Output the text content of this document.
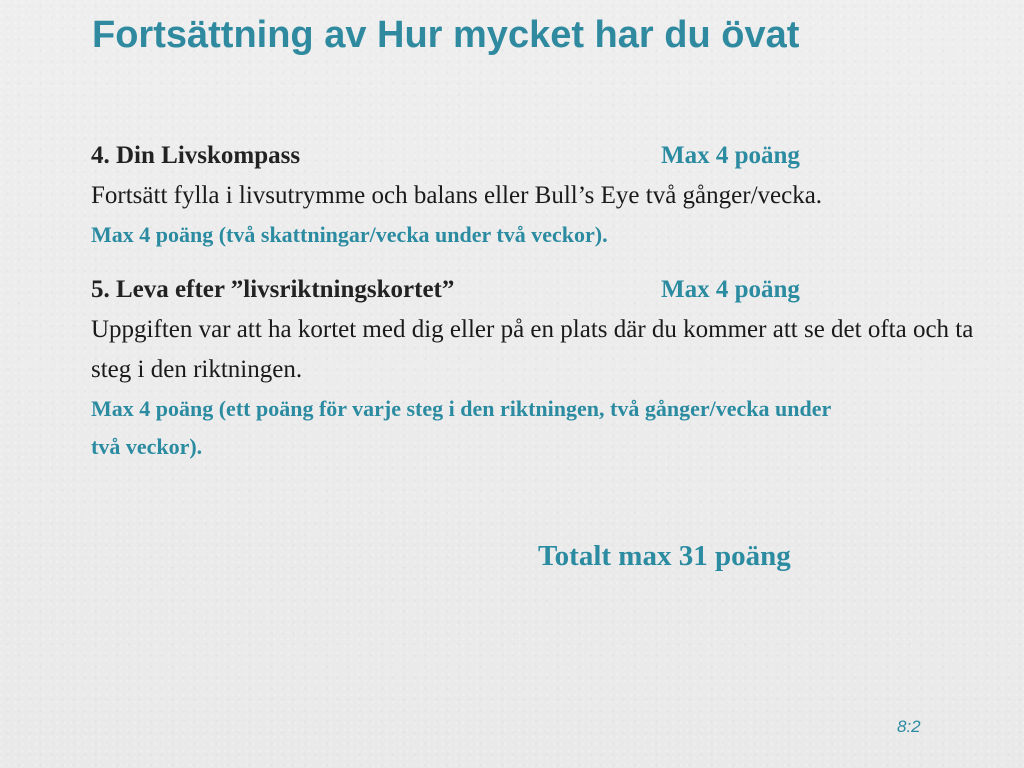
Fortsättning av Hur mycket har du övat
4. Din Livskompass	Max 4 poäng
Fortsätt fylla i livsutrymme och balans eller Bull’s Eye två gånger/vecka.
Max 4 poäng (två skattningar/vecka under två veckor).
5. Leva efter ”livsriktningskortet”	Max 4 poäng
Uppgiften var att ha kortet med dig eller på en plats där du kommer att se det ofta och ta steg i den riktningen.
Max 4 poäng (ett poäng för varje steg i den riktningen, två gånger/vecka under två veckor).
Totalt max 31 poäng
8:2
